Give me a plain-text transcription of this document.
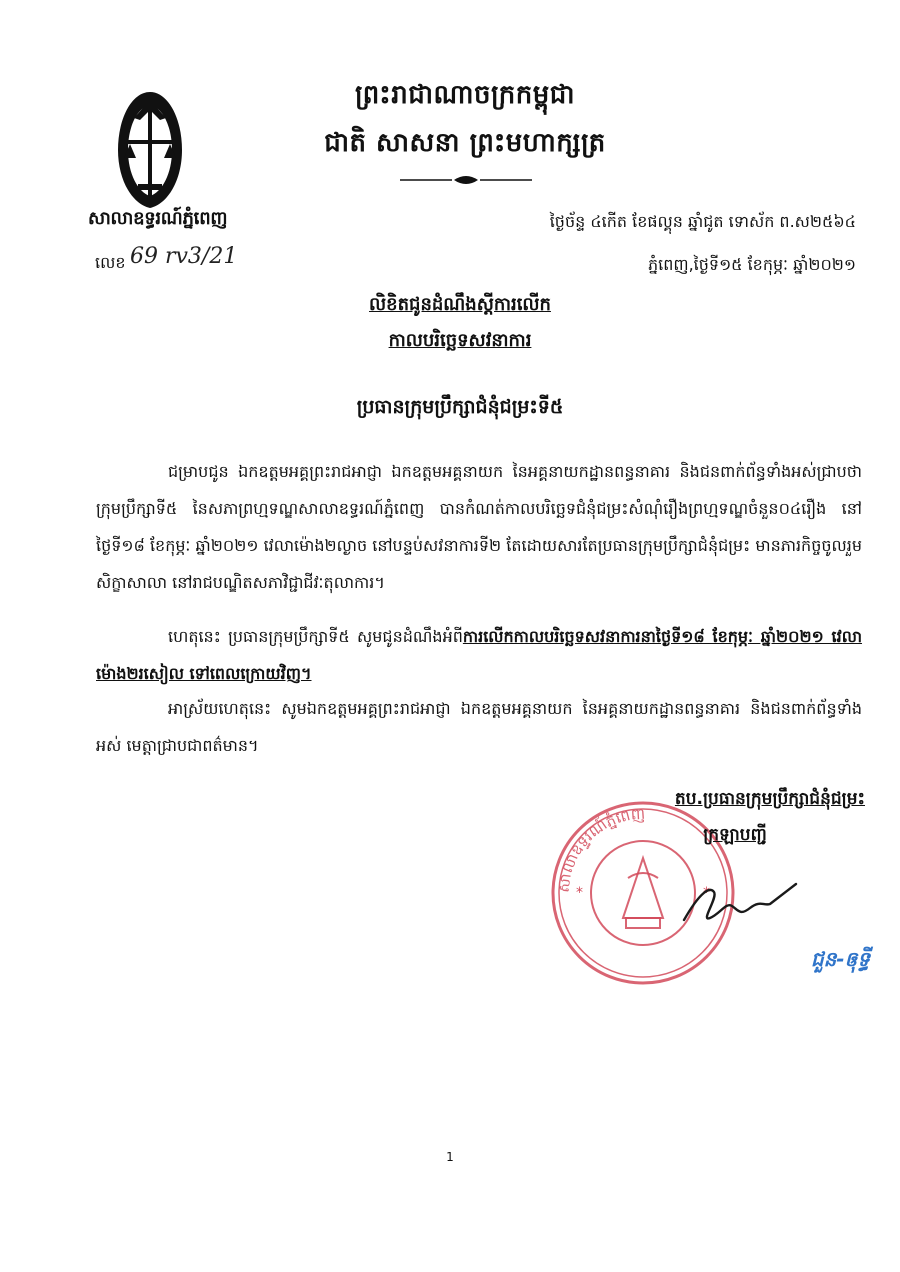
ព្រះរាជាណាចក្រកម្ពុជា
ជាតិ សាសនា ព្រះមហាក្សត្រ
សាលាឧទ្ធរណ៍ភ្នំពេញ
លេខ 69 rv3/21
ថ្ងៃច័ន្ទ ៤កើត ខែផល្គុន ឆ្នាំជូត ទោស័ក ព.ស២៥៦៤
ភ្នំពេញ,ថ្ងៃទី១៥ ខែកុម្ភៈ ឆ្នាំ២០២១
លិខិតជូនដំណឹងស្តីការលើក
កាលបរិច្ឆេទសវនាការ
ប្រធានក្រុមប្រឹក្សាជំនុំជម្រះទី៥
ជម្រាបជូន ឯកឧត្តមអគ្គព្រះរាជអាជ្ញា ឯកឧត្តមអគ្គនាយក នៃអគ្គនាយកដ្ឋានពន្ធនាគារ និងជនពាក់ព័ន្ធទាំងអស់ជ្រាបថា ក្រុមប្រឹក្សាទី៥ នៃសភាព្រហ្មទណ្ឌសាលាឧទ្ធរណ៍ភ្នំពេញ បានកំណត់កាលបរិច្ឆេទជំនុំជម្រះសំណុំរឿងព្រហ្មទណ្ឌចំនួន០៤រឿង នៅថ្ងៃទី១៨ ខែកុម្ភៈ ឆ្នាំ២០២១ វេលាម៉ោង២ល្ងាច នៅបន្ទប់សវនាការទី២ តែដោយសារតែប្រធានក្រុមប្រឹក្សាជំនុំជម្រះ មានភារកិច្ចចូលរួមសិក្ខាសាលា នៅរាជបណ្ឌិតសភាវិជ្ជាជីវៈតុលាការ។
ហេតុនេះ ប្រធានក្រុមប្រឹក្សាទី៥ សូមជូនដំណឹងអំពីការលើកកាលបរិច្ឆេទសវនាការនាថ្ងៃទី១៨ ខែកុម្ភៈ ឆ្នាំ២០២១ វេលាម៉ោង២រសៀល ទៅពេលក្រោយវិញ។
អាស្រ័យហេតុនេះ សូមឯកឧត្តមអគ្គព្រះរាជអាជ្ញា ឯកឧត្តមអគ្គនាយក នៃអគ្គនាយកដ្ឋានពន្ធនាគារ និងជនពាក់ព័ន្ធទាំងអស់ មេត្តាជ្រាបជាពត៌មាន។
សាលាឧទ្ធរណ៍ភ្នំពេញ
*	*
តប.ប្រធានក្រុមប្រឹក្សាជំនុំជម្រះ
ក្រឡាបញ្ជី
ជួន-ឲុទ្ធី
1
